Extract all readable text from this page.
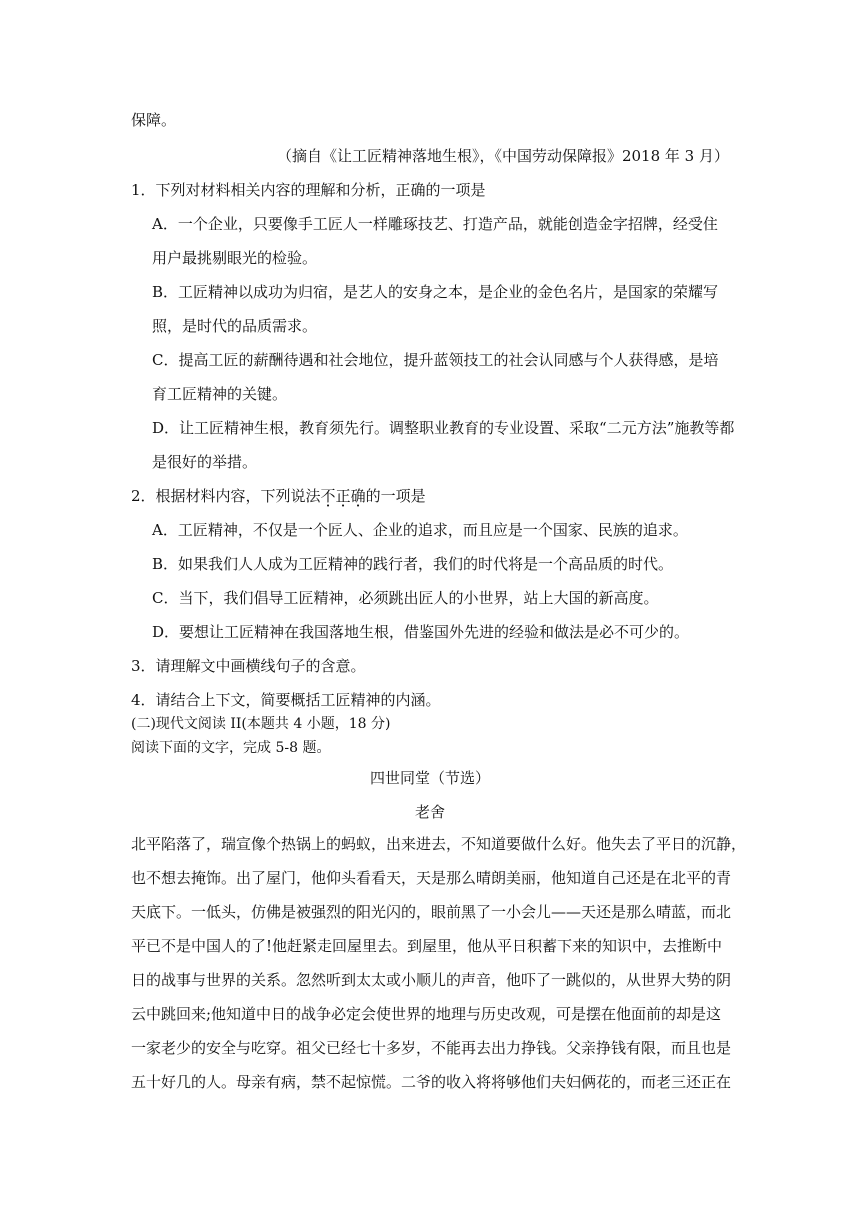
保障。
（摘自《让工匠精神落地生根》，《中国劳动保障报》2018 年 3 月）
1．下列对材料相关内容的理解和分析，正确的一项是
A．一个企业，只要像手工匠人一样雕琢技艺、打造产品，就能创造金字招牌，经受住
用户最挑剔眼光的检验。
B．工匠精神以成功为归宿，是艺人的安身之本，是企业的金色名片，是国家的荣耀写
照，是时代的品质需求。
C．提高工匠的薪酬待遇和社会地位，提升蓝领技工的社会认同感与个人获得感，是培
育工匠精神的关键。
D．让工匠精神生根，教育须先行。调整职业教育的专业设置、采取“二元方法”施教等都
是很好的举措。
2．根据材料内容，下列说法不正确的一项是
A．工匠精神，不仅是一个匠人、企业的追求，而且应是一个国家、民族的追求。
B．如果我们人人成为工匠精神的践行者，我们的时代将是一个高品质的时代。
C．当下，我们倡导工匠精神，必须跳出匠人的小世界，站上大国的新高度。
D．要想让工匠精神在我国落地生根，借鉴国外先进的经验和做法是必不可少的。
3．请理解文中画横线句子的含意。
4．请结合上下文，简要概括工匠精神的内涵。
(二)现代文阅读 II(本题共 4 小题，18 分)
阅读下面的文字，完成 5-8 题。
四世同堂（节选）
老舍
北平陷落了，瑞宣像个热锅上的蚂蚁，出来进去，不知道要做什么好。他失去了平日的沉静，
也不想去掩饰。出了屋门，他仰头看看天，天是那么晴朗美丽，他知道自己还是在北平的青
天底下。一低头，仿佛是被强烈的阳光闪的，眼前黑了一小会儿——天还是那么晴蓝，而北
平已不是中国人的了!他赶紧走回屋里去。到屋里，他从平日积蓄下来的知识中，去推断中
日的战事与世界的关系。忽然听到太太或小顺儿的声音，他吓了一跳似的，从世界大势的阴
云中跳回来;他知道中日的战争必定会使世界的地理与历史改观，可是摆在他面前的却是这
一家老少的安全与吃穿。祖父已经七十多岁，不能再去出力挣钱。父亲挣钱有限，而且也是
五十好几的人。母亲有病，禁不起惊慌。二爷的收入将将够他们夫妇俩花的，而老三还正在
